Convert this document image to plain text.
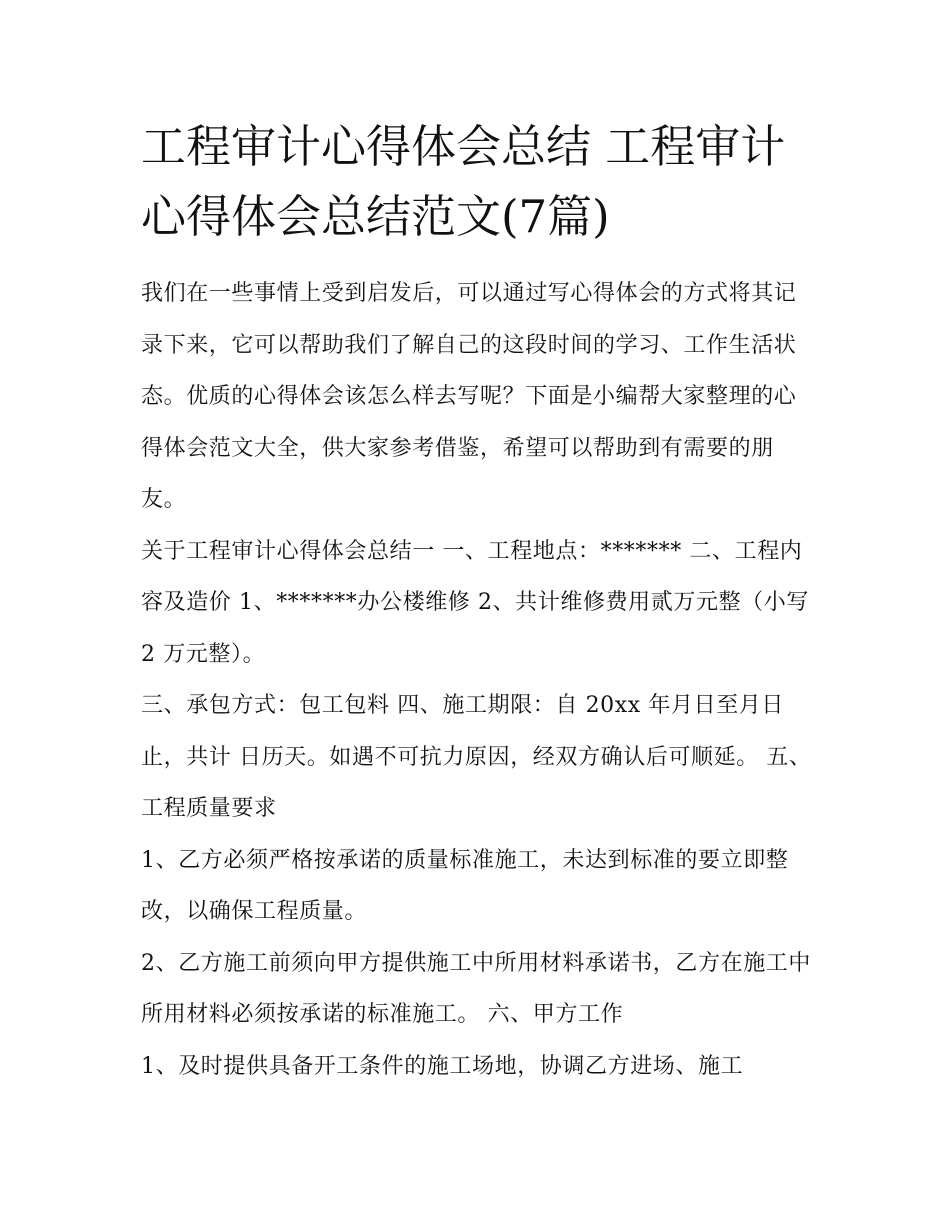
工程审计心得体会总结 工程审计心得体会总结范文(7篇)

我们在一些事情上受到启发后，可以通过写心得体会的方式将其记录下来，它可以帮助我们了解自己的这段时间的学习、工作生活状态。优质的心得体会该怎么样去写呢？下面是小编帮大家整理的心得体会范文大全，供大家参考借鉴，希望可以帮助到有需要的朋友。

关于工程审计心得体会总结一 一、工程地点：******* 二、工程内容及造价 1、*******办公楼维修 2、共计维修费用贰万元整（小写 2 万元整）。

三、承包方式：包工包料 四、施工期限：自 20xx 年月日至月日止，共计 日历天。如遇不可抗力原因，经双方确认后可顺延。 五、工程质量要求

1、乙方必须严格按承诺的质量标准施工，未达到标准的要立即整改，以确保工程质量。

2、乙方施工前须向甲方提供施工中所用材料承诺书，乙方在施工中所用材料必须按承诺的标准施工。 六、甲方工作

1、及时提供具备开工条件的施工场地，协调乙方进场、施工
